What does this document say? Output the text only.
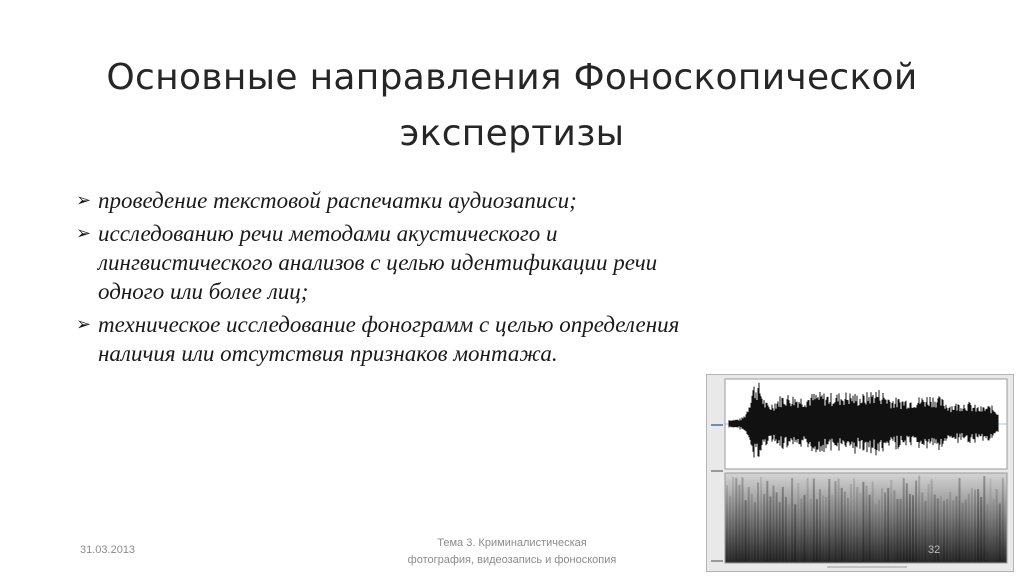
Основные направления Фоноскопической
экспертизы
➢ проведение текстовой распечатки аудиозаписи;
➢ исследованию речи методами акустического и лингвистического анализов с целью идентификации речи одного или более лиц;
➢ техническое исследование фонограмм с целью определения наличия или отсутствия признаков монтажа.
31.03.2013
Тема 3. Криминалистическая
фотография, видеозапись и фоноскопия
32
